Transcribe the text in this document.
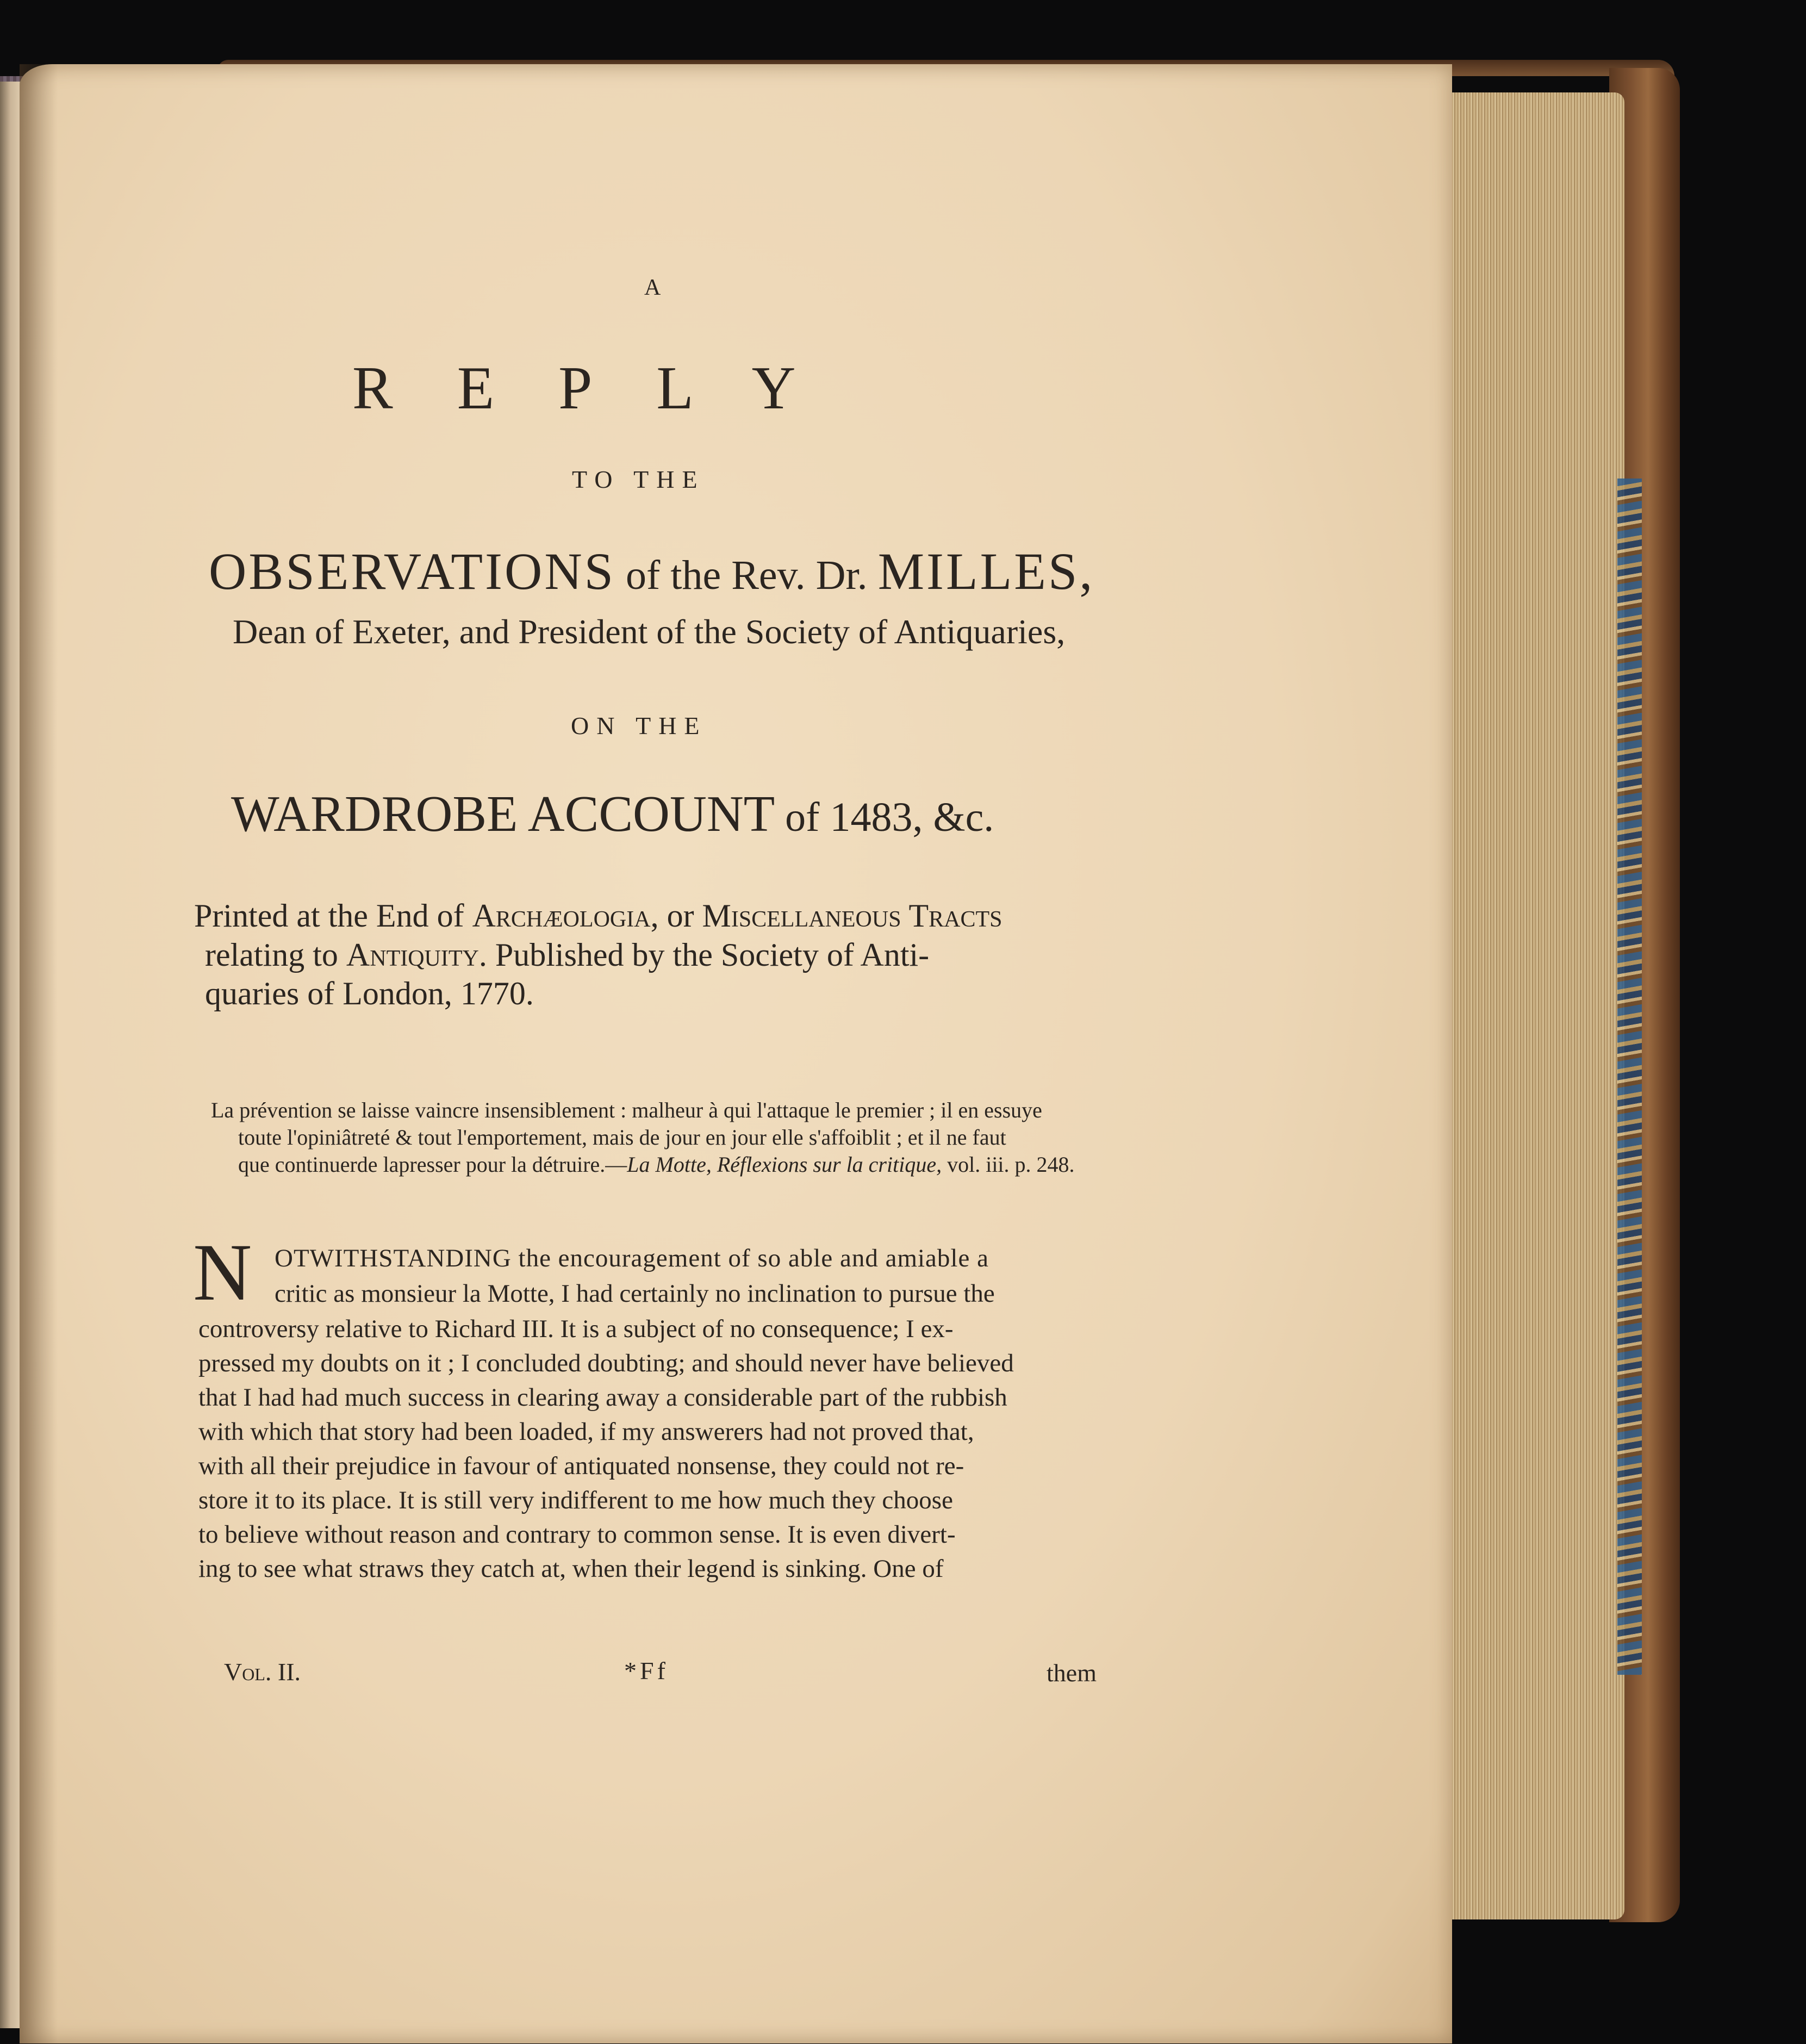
A

REPLY

TO THE

OBSERVATIONS of the Rev. Dr. MILLES,

Dean of Exeter, and President of the Society of Antiquaries,

ON THE

WARDROBE ACCOUNT of 1483, &c.

Printed at the End of Archæologia, or Miscellaneous Tracts

relating to Antiquity. Published by the Society of Anti-

quaries of London, 1770.

La prévention se laisse vaincre insensiblement : malheur à qui l'attaque le premier ; il en essuye

toute l'opiniâtreté & tout l'emportement, mais de jour en jour elle s'affoiblit ; et il ne faut

que continuerde lapresser pour la détruire.—La Motte, Réflexions sur la critique, vol. iii. p. 248.

N OTWITHSTANDING the encouragement of so able and amiable a

critic as monsieur la Motte, I had certainly no inclination to pursue the

controversy relative to Richard III. It is a subject of no consequence; I ex-

pressed my doubts on it ; I concluded doubting; and should never have believed

that I had had much success in clearing away a considerable part of the rubbish

with which that story had been loaded, if my answerers had not proved that,

with all their prejudice in favour of antiquated nonsense, they could not re-

store it to its place. It is still very indifferent to me how much they choose

to believe without reason and contrary to common sense. It is even divert-

ing to see what straws they catch at, when their legend is sinking. One of

Vol. II.	*Ff	them
